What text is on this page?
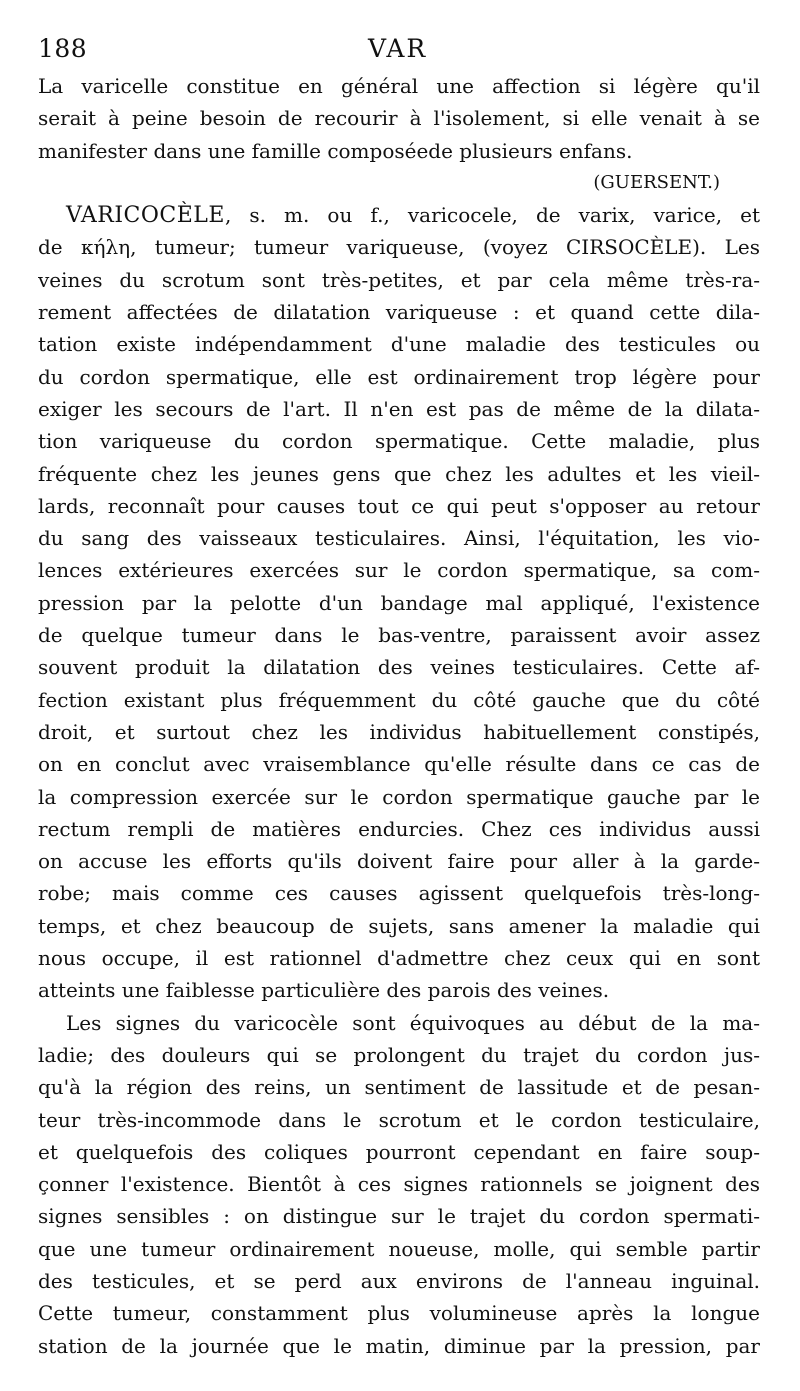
188	VAR
La varicelle constitue en général une affection si légère qu'il
serait à peine besoin de recourir à l'isolement, si elle venait à se
manifester dans une famille composéede plusieurs enfans.
(GUERSENT.)
VARICOCÈLE, s. m. ou f., varicocele, de varix, varice, et
de κήλη, tumeur; tumeur variqueuse, (voyez CIRSOCÈLE). Les
veines du scrotum sont très-petites, et par cela même très-ra-
rement affectées de dilatation variqueuse : et quand cette dila-
tation existe indépendamment d'une maladie des testicules ou
du cordon spermatique, elle est ordinairement trop légère pour
exiger les secours de l'art. Il n'en est pas de même de la dilata-
tion variqueuse du cordon spermatique. Cette maladie, plus
fréquente chez les jeunes gens que chez les adultes et les vieil-
lards, reconnaît pour causes tout ce qui peut s'opposer au retour
du sang des vaisseaux testiculaires. Ainsi, l'équitation, les vio-
lences extérieures exercées sur le cordon spermatique, sa com-
pression par la pelotte d'un bandage mal appliqué, l'existence
de quelque tumeur dans le bas-ventre, paraissent avoir assez
souvent produit la dilatation des veines testiculaires. Cette af-
fection existant plus fréquemment du côté gauche que du côté
droit, et surtout chez les individus habituellement constipés,
on en conclut avec vraisemblance qu'elle résulte dans ce cas de
la compression exercée sur le cordon spermatique gauche par le
rectum rempli de matières endurcies. Chez ces individus aussi
on accuse les efforts qu'ils doivent faire pour aller à la garde-
robe; mais comme ces causes agissent quelquefois très-long-
temps, et chez beaucoup de sujets, sans amener la maladie qui
nous occupe, il est rationnel d'admettre chez ceux qui en sont
atteints une faiblesse particulière des parois des veines.
Les signes du varicocèle sont équivoques au début de la ma-
ladie; des douleurs qui se prolongent du trajet du cordon jus-
qu'à la région des reins, un sentiment de lassitude et de pesan-
teur très-incommode dans le scrotum et le cordon testiculaire,
et quelquefois des coliques pourront cependant en faire soup-
çonner l'existence. Bientôt à ces signes rationnels se joignent des
signes sensibles : on distingue sur le trajet du cordon spermati-
que une tumeur ordinairement noueuse, molle, qui semble partir
des testicules, et se perd aux environs de l'anneau inguinal.
Cette tumeur, constamment plus volumineuse après la longue
station de la journée que le matin, diminue par la pression, par
